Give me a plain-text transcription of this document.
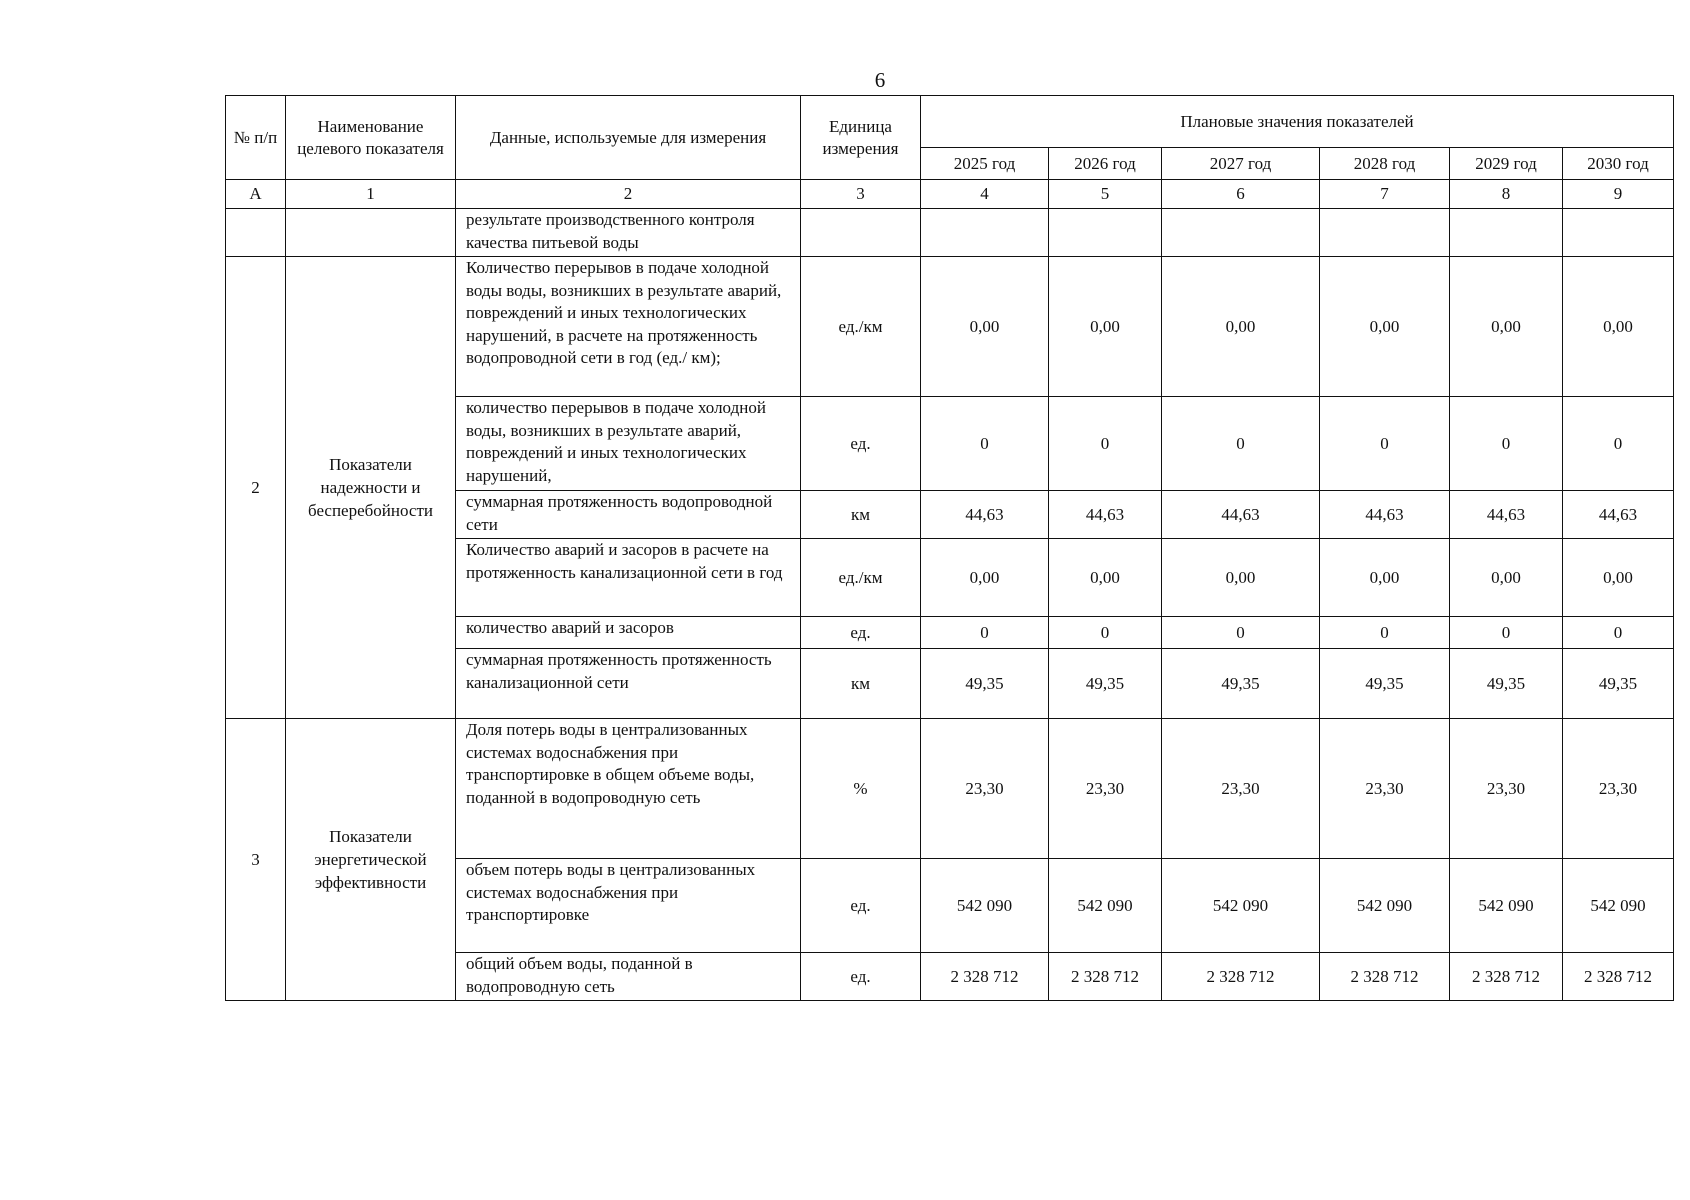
6
№ п/п	Наименование целевого показателя	Данные, используемые для измерения	Единица измерения	Плановые значения показателей					
				2025 год	2026 год	2027 год	2028 год	2029 год	2030 год
А	1	2	3	4	5	6	7	8	9
		результате производственного контроля качества питьевой воды							
2	Показатели надежности и бесперебойности	Количество перерывов в подаче холодной воды воды, возникших в результате аварий, повреждений и иных технологических нарушений, в расчете на протяженность водопроводной сети в год (ед./ км);	ед./км	0,00	0,00	0,00	0,00	0,00	0,00
		количество перерывов в подаче холодной воды, возникших в результате аварий, повреждений и иных технологических нарушений,	ед.	0	0	0	0	0	0
		суммарная протяженность водопроводной сети	км	44,63	44,63	44,63	44,63	44,63	44,63
		Количество аварий и засоров в расчете на протяженность канализационной сети в год	ед./км	0,00	0,00	0,00	0,00	0,00	0,00
		количество аварий и засоров	ед.	0	0	0	0	0	0
		суммарная протяженность протяженность канализационной сети	км	49,35	49,35	49,35	49,35	49,35	49,35
3	Показатели энергетической эффективности	Доля потерь воды в централизованных системах водоснабжения при транспортировке в общем объеме воды, поданной в водопроводную сеть	%	23,30	23,30	23,30	23,30	23,30	23,30
		объем потерь воды в централизованных системах водоснабжения при транспортировке	ед.	542 090	542 090	542 090	542 090	542 090	542 090
		общий объем воды, поданной в водопроводную сеть	ед.	2 328 712	2 328 712	2 328 712	2 328 712	2 328 712	2 328 712
